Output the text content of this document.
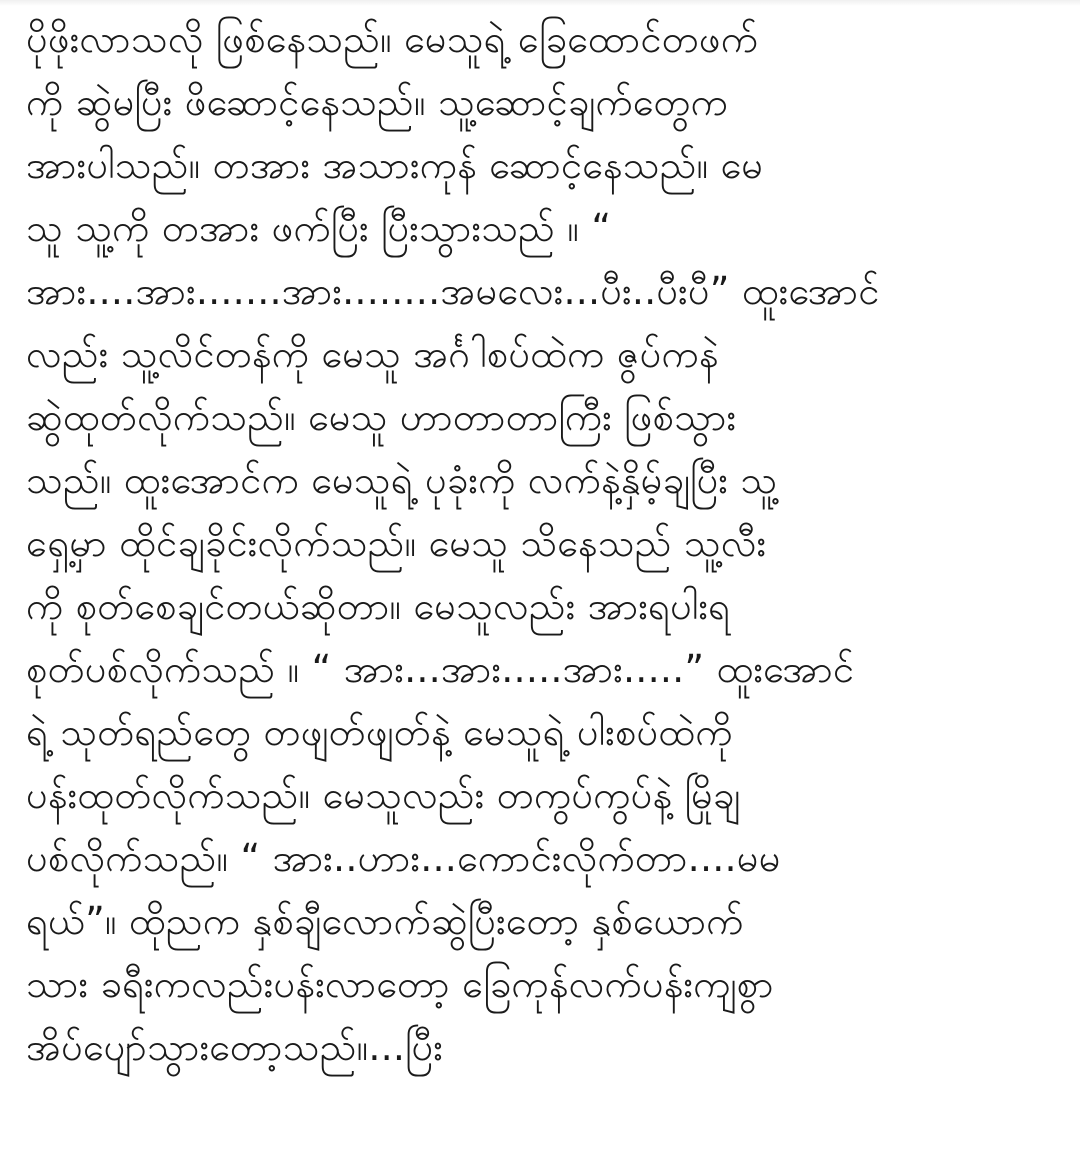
ပိုဖိုးလာသလို ဖြစ်နေသည်။ မေသူရဲ့ ခြေထောင်တဖက်
ကို ဆွဲမပြီး ဖိဆောင့်နေသည်။ သူ့ဆောင့်ချက်တွေက
အားပါသည်။ တအား အသားကုန် ဆောင့်နေသည်။ မေ
သူ သူ့ကို တအား ဖက်ပြီး ပြီးသွားသည် ။ “
အား....အား.......အား........အမလေး...ပီး..ပီးပီ” ထူးအောင်
လည်း သူ့လိင်တန်ကို မေသူ အင်္ဂါစပ်ထဲက ဇွပ်ကနဲ
ဆွဲထုတ်လိုက်သည်။ မေသူ ဟာတာတာကြီး ဖြစ်သွား
သည်။ ထူးအောင်က မေသူရဲ့ ပုခုံးကို လက်နဲ့နှိမ့်ချပြီး သူ့
ရှေ့မှာ ထိုင်ချခိုင်းလိုက်သည်။ မေသူ သိနေသည် သူ့လီး
ကို စုတ်စေချင်တယ်ဆိုတာ။ မေသူလည်း အားရပါးရ
စုတ်ပစ်လိုက်သည် ။ “ အား...အား.....အား.....” ထူးအောင်
ရဲ့ သုတ်ရည်တွေ တဖျတ်ဖျတ်နဲ့ မေသူရဲ့ ပါးစပ်ထဲကို
ပန်းထုတ်လိုက်သည်။ မေသူလည်း တကွပ်ကွပ်နဲ့ မြိုချ
ပစ်လိုက်သည်။ “ အား..ဟား...ကောင်းလိုက်တာ....မမ
ရယ်”။ ထိုညက နှစ်ချီလောက်ဆွဲပြီးတော့ နှစ်ယောက်
သား ခရီးကလည်းပန်းလာတော့ ခြေကုန်လက်ပန်းကျစွာ
အိပ်ပျော်သွားတော့သည်။...ပြီး
